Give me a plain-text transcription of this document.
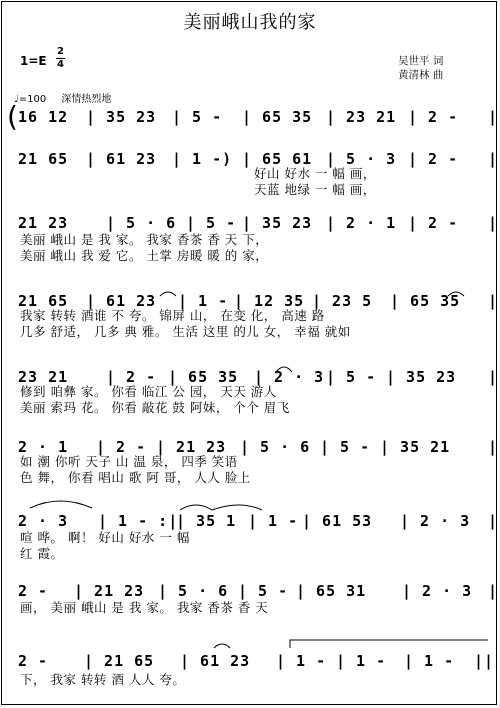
美丽峨山我的家
1=E
2
4	吴世平 词
黄清林 曲
♩=100 深情热烈地
( 16 12 | 35 23 | 5 - | 65 35 | 23 21 | 2 - |
21 65 | 61 23 | 1 -) | 65 61 | 5 · 3 | 2 - |
好山 好水 一 幅 画，
天蓝 地绿 一 幅 画，
21 23	| 5 · 6 | 5 - | 35 23 | 2 · 1 | 2 - |
美丽 峨山 是 我 家。 我家 香茶 香 天 下，
美丽 峨山 我 爱 它。 土掌 房暖 暖 的 家，
21 65 | 61 23 | 1 - | 12 35 | 23 5 | 65 35 |
我家 转转 酒谁 不 夸。 锦屏 山， 在变 化， 高速 路
几多 舒适， 几多 典 雅。 生活 这里 的儿 女， 幸福 就如
23 21	| 2 - | 65 35 | 2 · 3 | 5 - | 35 23 |
修到 咱彝 家。 你看 临江 公 园， 天天 游人
美丽 索玛 花。 你看 敲花 鼓 阿妹， 个个 眉飞
2 · 1 | 2 - | 21 23 | 5 · 6 | 5 - | 35 21	|
如 潮 你听 天子 山 温 泉， 四季 笑语
色 舞， 你看 唱山 歌 阿 哥， 人人 脸上
2 · 3 | 1 - :|
| 35 1 | 1 - | 61 53 | 2 · 3 |
喧 哗。 啊！ 好山 好水 一 幅
红 霞。
2 - | 21 23 | 5 · 6 | 5 - | 65 31 | 2 · 3 |
画， 美丽 峨山 是 我 家。 我家 香茶 香 天
2 - | 21 65 | 61 23 | 1 - | 1 - | 1 - ||
下， 我家 转转 酒 人人 夸。
